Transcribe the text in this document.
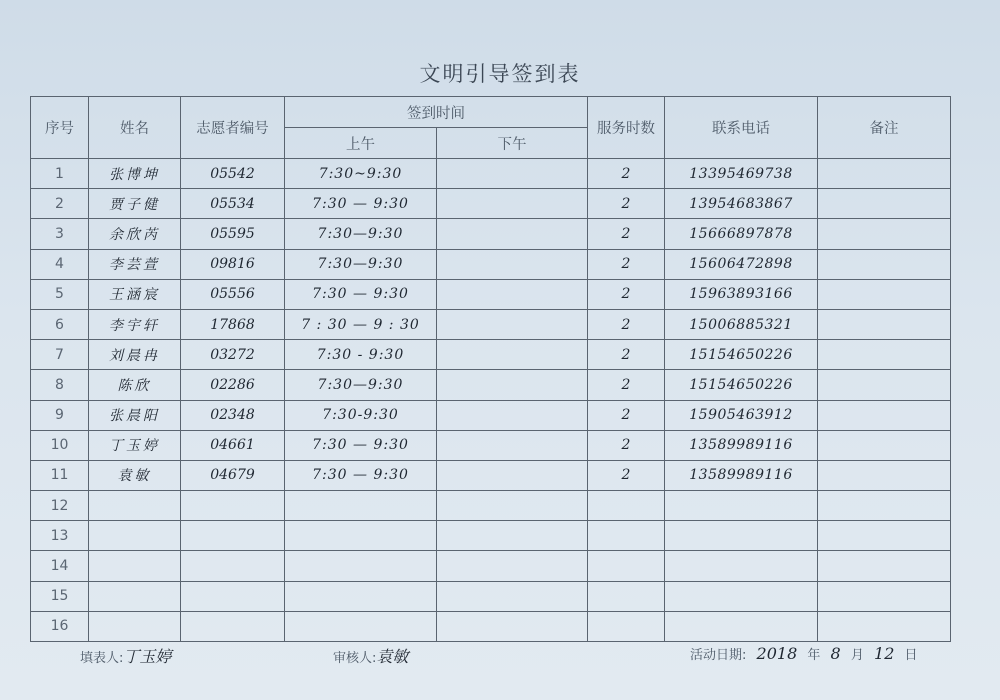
文明引导签到表
序号	姓名	志愿者编号	签到时间		服务时数	联系电话	备注
			上午	下午			
1	张博坤	05542	7:30~9:30		2	13395469738	
2	贾子健	05534	7:30 — 9:30		2	13954683867	
3	余欣芮	05595	7:30—9:30		2	15666897878	
4	李芸萱	09816	7:30—9:30		2	15606472898	
5	王涵宸	05556	7:30 — 9:30		2	15963893166	
6	李宇轩	17868	7 : 30 — 9 : 30		2	15006885321	
7	刘晨冉	03272	7:30 - 9:30		2	15154650226	
8	陈欣	02286	7:30—9:30		2	15154650226	
9	张晨阳	02348	7:30-9:30		2	15905463912	
10	丁玉婷	04661	7:30 — 9:30		2	13589989116	
11	袁敏	04679	7:30 — 9:30		2	13589989116	
12							
13							
14							
15							
16							
填表人:丁玉婷	审核人:袁敏	活动日期: 2018 年 8 月 12 日
